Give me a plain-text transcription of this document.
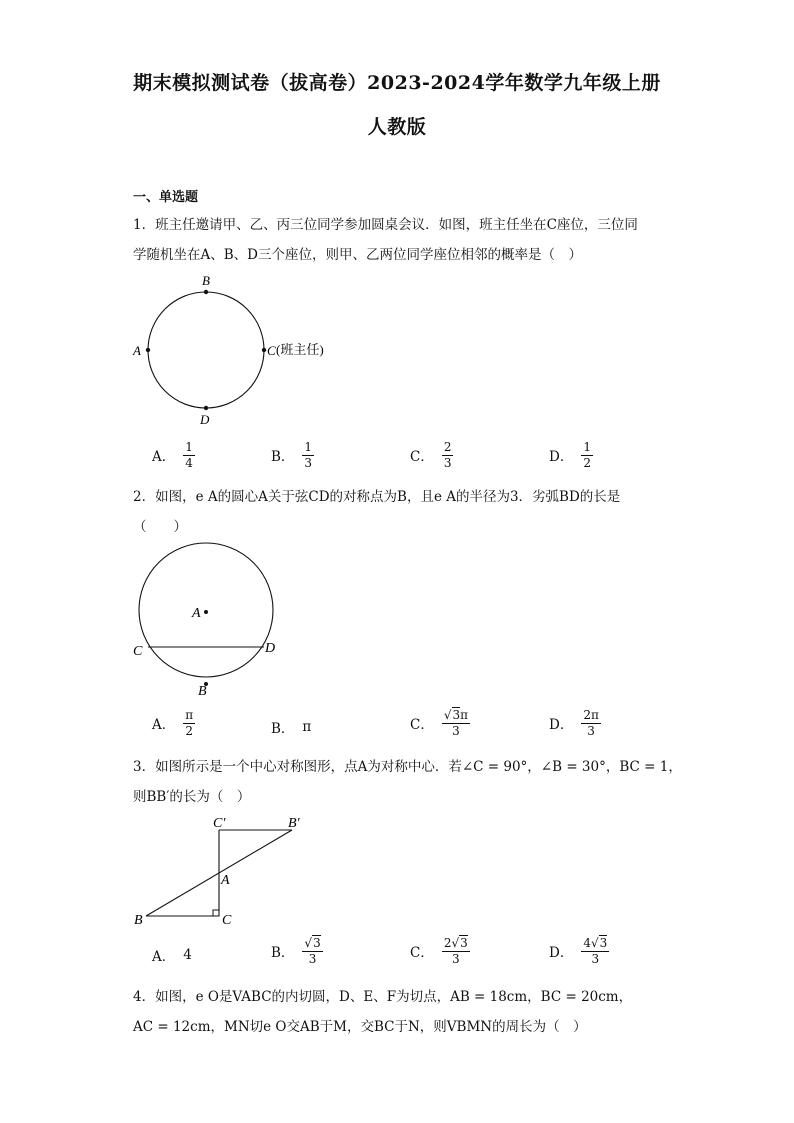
期末模拟测试卷（拔高卷）2023-2024学年数学九年级上册
人教版
一、单选题
1．班主任邀请甲、乙、丙三位同学参加圆桌会议．如图，班主任坐在C座位，三位同
学随机坐在A、B、D三个座位，则甲、乙两位同学座位相邻的概率是（　）
B
A	C (班主任)
D
A． $\frac{1}{4}$	B． $\frac{1}{3}$	C． $\frac{2}{3}$	D． $\frac{1}{2}$
2．如图，e A的圆心A关于弦CD的对称点为B，且e A的半径为3．劣弧BD的长是
（　　）
A
C	D
B
A． $\frac{\pi}{2}$	B． π	C． $\frac{√3\pi}{3}$	D． $\frac{2\pi}{3}$
3．如图所示是一个中心对称图形，点A为对称中心．若∠C = 90°，∠B = 30°，BC = 1，
则BB′的长为（　）
C′	B′
A
B	C
A． 4	B． $\frac{√3}{3}$	C． $\frac{2√3}{3}$	D． $\frac{4√3}{3}$
4．如图，e O是VABC的内切圆，D、E、F为切点，AB = 18cm，BC = 20cm，
AC = 12cm，MN切e O交AB于M，交BC于N，则VBMN的周长为（　）
